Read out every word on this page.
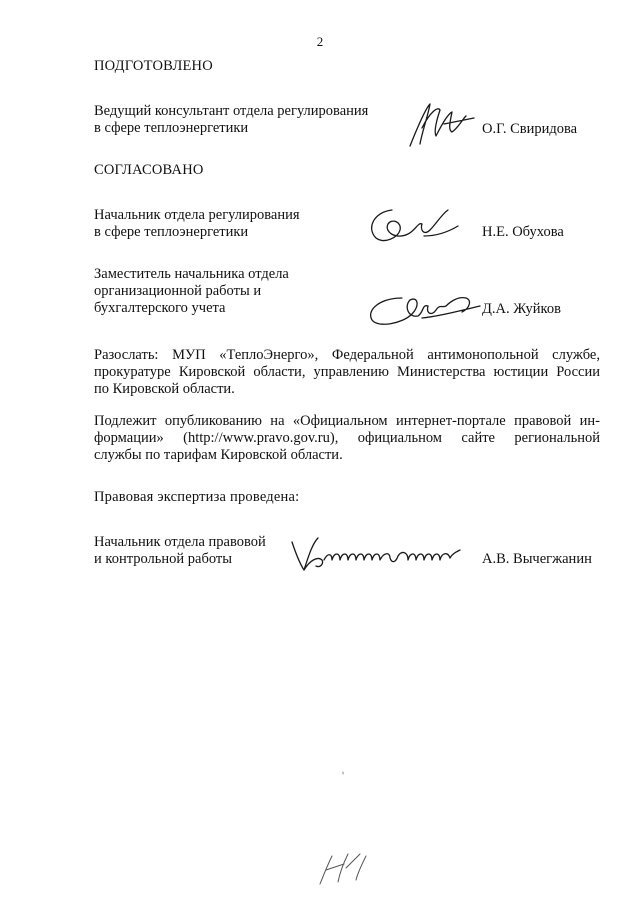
2
ПОДГОТОВЛЕНО
Ведущий консультант отдела регулирования
в сфере теплоэнергетики	О.Г. Свиридова
СОГЛАСОВАНО
Начальник отдела регулирования
в сфере теплоэнергетики	Н.Е. Обухова
Заместитель начальника отдела
организационной работы и
бухгалтерского учета	Д.А. Жуйков
Разослать: МУП «ТеплоЭнерго», Федеральной антимонопольной службе,
прокуратуре Кировской области, управлению Министерства юстиции России
по Кировской области.
Подлежит опубликованию на «Официальном интернет-портале правовой ин-
формации» (http://www.pravo.gov.ru), официальном сайте региональной
службы по тарифам Кировской области.
Правовая экспертиза проведена:
Начальник отдела правовой
и контрольной работы	А.В. Вычегжанин
